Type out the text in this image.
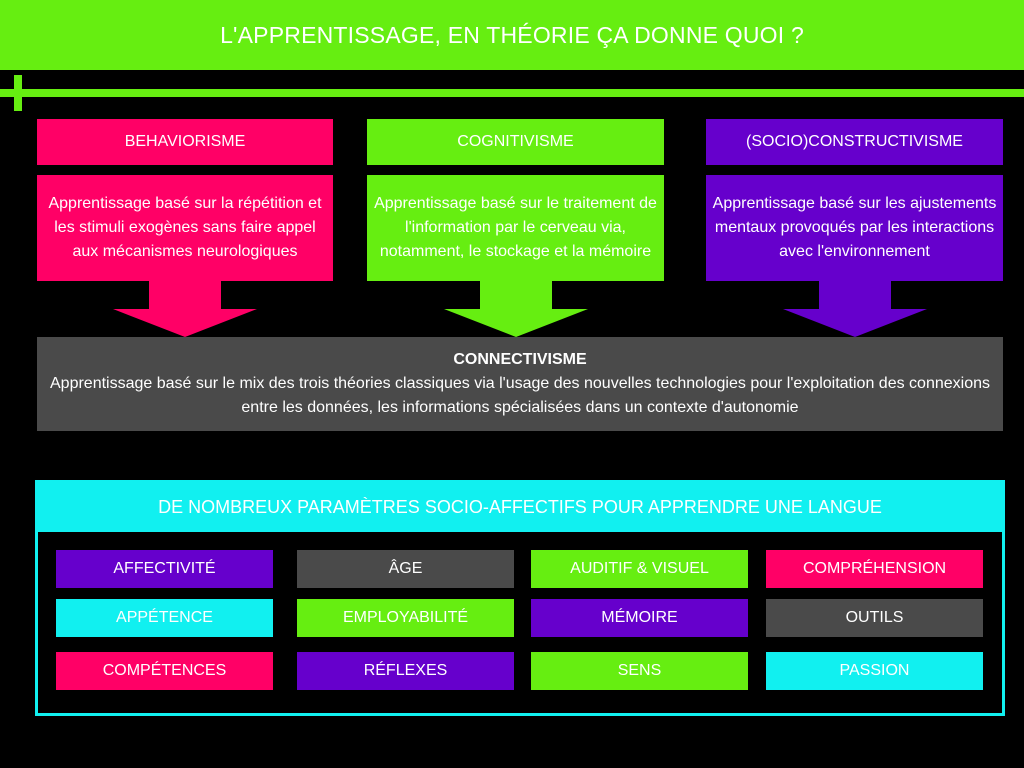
L'APPRENTISSAGE, EN THÉORIE ÇA DONNE QUOI ?
BEHAVIORISME
Apprentissage basé sur la répétition et les stimuli exogènes sans faire appel aux mécanismes neurologiques
COGNITIVISME
Apprentissage basé sur le traitement de l'information par le cerveau via, notamment, le stockage et la mémoire
(SOCIO)CONSTRUCTIVISME
Apprentissage basé sur les ajustements mentaux provoqués par les interactions avec l'environnement
CONNECTIVISME
Apprentissage basé sur le mix des trois théories classiques via l'usage des nouvelles technologies pour l'exploitation des connexions entre les données, les informations spécialisées dans un contexte d'autonomie
DE NOMBREUX PARAMÈTRES SOCIO-AFFECTIFS POUR APPRENDRE UNE LANGUE
AFFECTIVITÉ	ÂGE	AUDITIF & VISUEL	COMPRÉHENSION
APPÉTENCE	EMPLOYABILITÉ	MÉMOIRE	OUTILS
COMPÉTENCES	RÉFLEXES	SENS	PASSION
